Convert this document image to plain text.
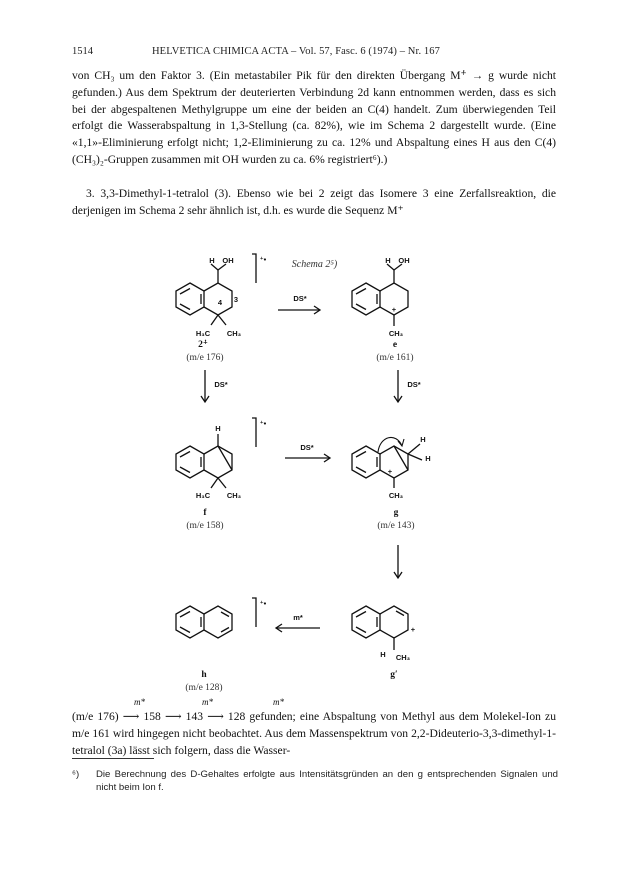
1514	HELVETICA CHIMICA ACTA – Vol. 57, Fasc. 6 (1974) – Nr. 167

von CH₃ um den Faktor 3. (Ein metastabiler Pik für den direkten Übergang M⁺̇ → g wurde nicht gefunden.) Aus dem Spektrum der deuterierten Verbindung 2d kann entnommen werden, dass es sich bei der abgespaltenen Methylgruppe um eine der beiden an C(4) handelt. Zum überwiegenden Teil erfolgt die Wasserabspaltung in 1,3-Stellung (ca. 82%), wie im Schema 2 dargestellt wurde. (Eine «1,1»-Eliminierung erfolgt nicht; 1,2-Eliminierung zu ca. 12% und Abspaltung eines H aus den C(4)(CH₃)₂-Gruppen zusammen mit OH wurden zu ca. 6% registriert⁶).)

3. 3,3-Dimethyl-1-tetralol (3). Ebenso wie bei 2 zeigt das Isomere 3 eine Zerfallsreaktion, die derjenigen im Schema 2 sehr ähnlich ist, d.h. es wurde die Sequenz M⁺

Schema 2⁵)
H OH
4 3
H₃C CH₃
⁺•	H OH
+
CH₃
H
H₃C CH₃
⁺•
H
H
+
CH₃
⁺•
+
H CH₃
2⁺̇
(m/e 176)
e
(m/e 161)
f
(m/e 158)
g
(m/e 143)
h
(m/e 128)
g′
DS*
DS*	DS*
DS*
m*
m*	m*	m*

(m/e 176) ⟶ 158 ⟶ 143 ⟶ 128 gefunden; eine Abspaltung von Methyl aus dem Molekel-Ion zu m/e 161 wird hingegen nicht beobachtet. Aus dem Massenspektrum von 2,2-Dideuterio-3,3-dimethyl-1-tetralol (3a) lässt sich folgern, dass die Wasser-

⁶) Die Berechnung des D-Gehaltes erfolgte aus Intensitätsgründen an den g entsprechenden Signalen und nicht beim Ion f.
